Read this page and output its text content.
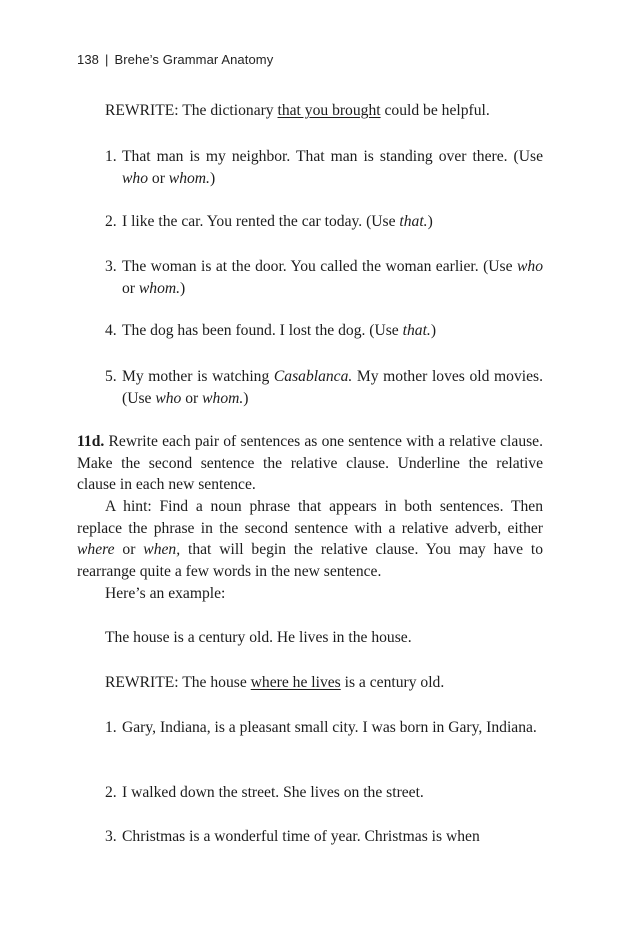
138 | Brehe’s Grammar Anatomy

REWRITE: The dictionary that you brought could be helpful.

1. That man is my neighbor. That man is standing over there. (Use who or whom.)
2. I like the car. You rented the car today. (Use that.)
3. The woman is at the door. You called the woman earlier. (Use who or whom.)
4. The dog has been found. I lost the dog. (Use that.)
5. My mother is watching Casablanca. My mother loves old movies. (Use who or whom.)

11d. Rewrite each pair of sentences as one sentence with a relative clause. Make the second sentence the relative clause. Underline the relative clause in each new sentence.

A hint: Find a noun phrase that appears in both sentences. Then replace the phrase in the second sentence with a relative adverb, either where or when, that will begin the relative clause. You may have to rearrange quite a few words in the new sentence.

Here’s an example:

The house is a century old. He lives in the house.

REWRITE: The house where he lives is a century old.

1. Gary, Indiana, is a pleasant small city. I was born in Gary, Indiana.
2. I walked down the street. She lives on the street.
3. Christmas is a wonderful time of year. Christmas is when
